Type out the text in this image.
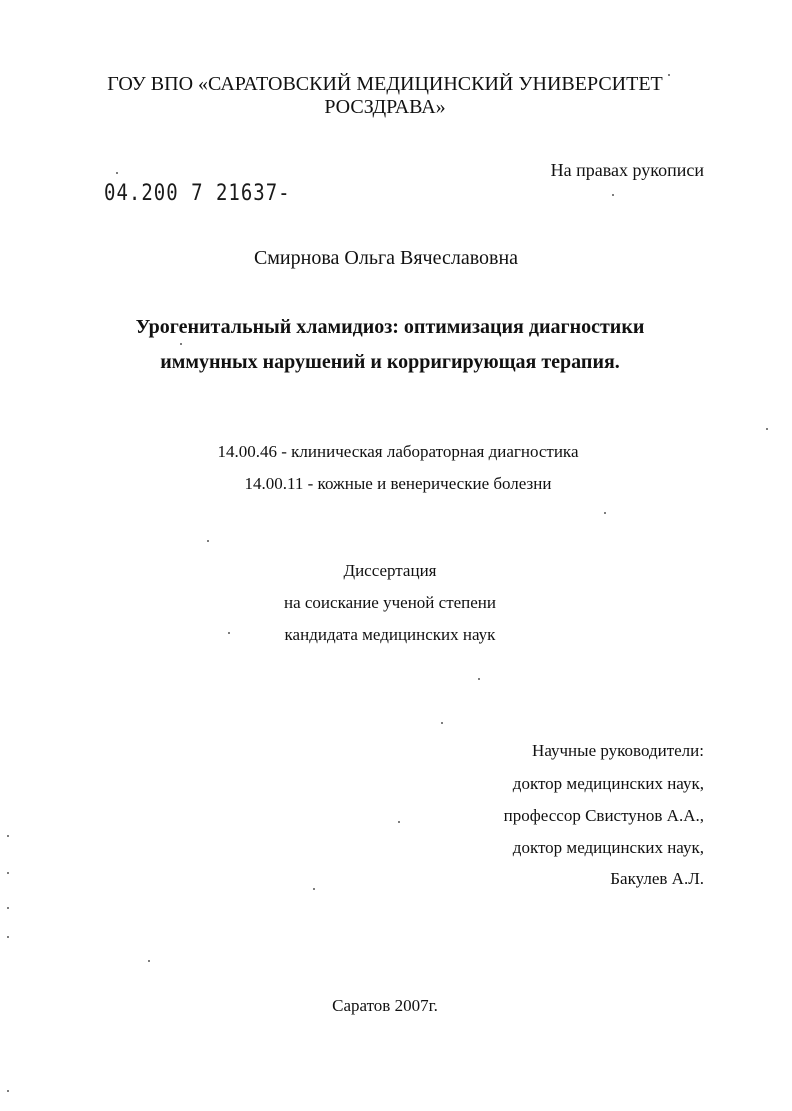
ГОУ ВПО «САРАТОВСКИЙ МЕДИЦИНСКИЙ УНИВЕРСИТЕТ
РОСЗДРАВА»
На правах рукописи
04.200 7 21637-
Смирнова Ольга Вячеславовна
Урогенитальный хламидиоз: оптимизация диагностики
иммунных нарушений и корригирующая терапия.
14.00.46 - клиническая лабораторная диагностика
14.00.11 - кожные и венерические болезни
Диссертация
на соискание ученой степени
кандидата медицинских наук
Научные руководители:
доктор медицинских наук,
профессор Свистунов А.А.,
доктор медицинских наук,
Бакулев А.Л.
Саратов 2007г.
